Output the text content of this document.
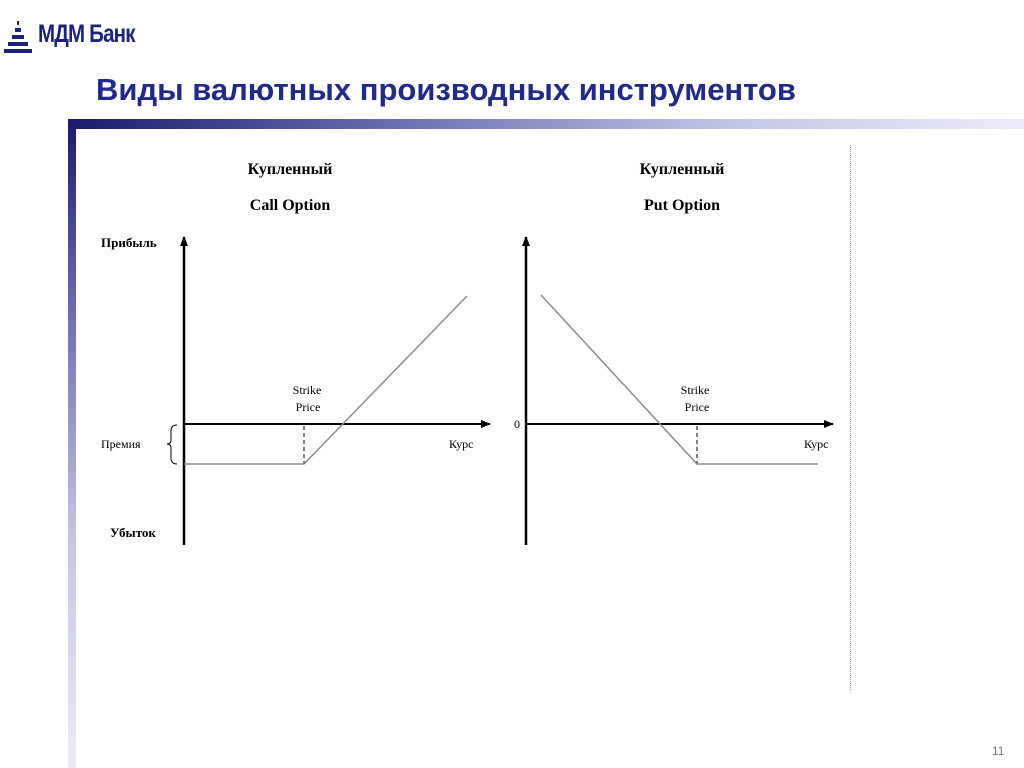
МДМ Банк
Виды валютных производных инструментов
Купленный
Call Option
Прибыль
Убыток
Strike
Price
Премия	Курс
Купленный
Put Option
0
Strike
Price
Курс
11
